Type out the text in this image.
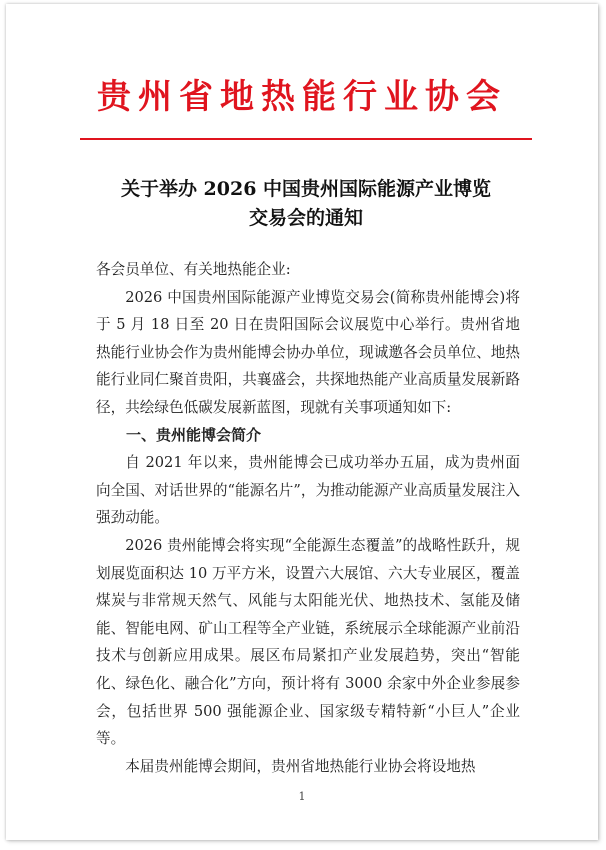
贵州省地热能行业协会
关于举办 2026 中国贵州国际能源产业博览
交易会的通知

各会员单位、有关地热能企业:

2026 中国贵州国际能源产业博览交易会(简称贵州能博会)将于 5 月 18 日至 20 日在贵阳国际会议展览中心举行。贵州省地热能行业协会作为贵州能博会协办单位，现诚邀各会员单位、地热能行业同仁聚首贵阳，共襄盛会，共探地热能产业高质量发展新路径，共绘绿色低碳发展新蓝图，现就有关事项通知如下:

一、贵州能博会简介

自 2021 年以来，贵州能博会已成功举办五届，成为贵州面向全国、对话世界的“能源名片”，为推动能源产业高质量发展注入强劲动能。

2026 贵州能博会将实现“全能源生态覆盖”的战略性跃升，规划展览面积达 10 万平方米，设置六大展馆、六大专业展区，覆盖煤炭与非常规天然气、风能与太阳能光伏、地热技术、氢能及储能、智能电网、矿山工程等全产业链，系统展示全球能源产业前沿技术与创新应用成果。展区布局紧扣产业发展趋势，突出“智能化、绿色化、融合化”方向，预计将有 3000 余家中外企业参展参会，包括世界 500 强能源企业、国家级专精特新“小巨人”企业等。

本届贵州能博会期间，贵州省地热能行业协会将设地热

1
